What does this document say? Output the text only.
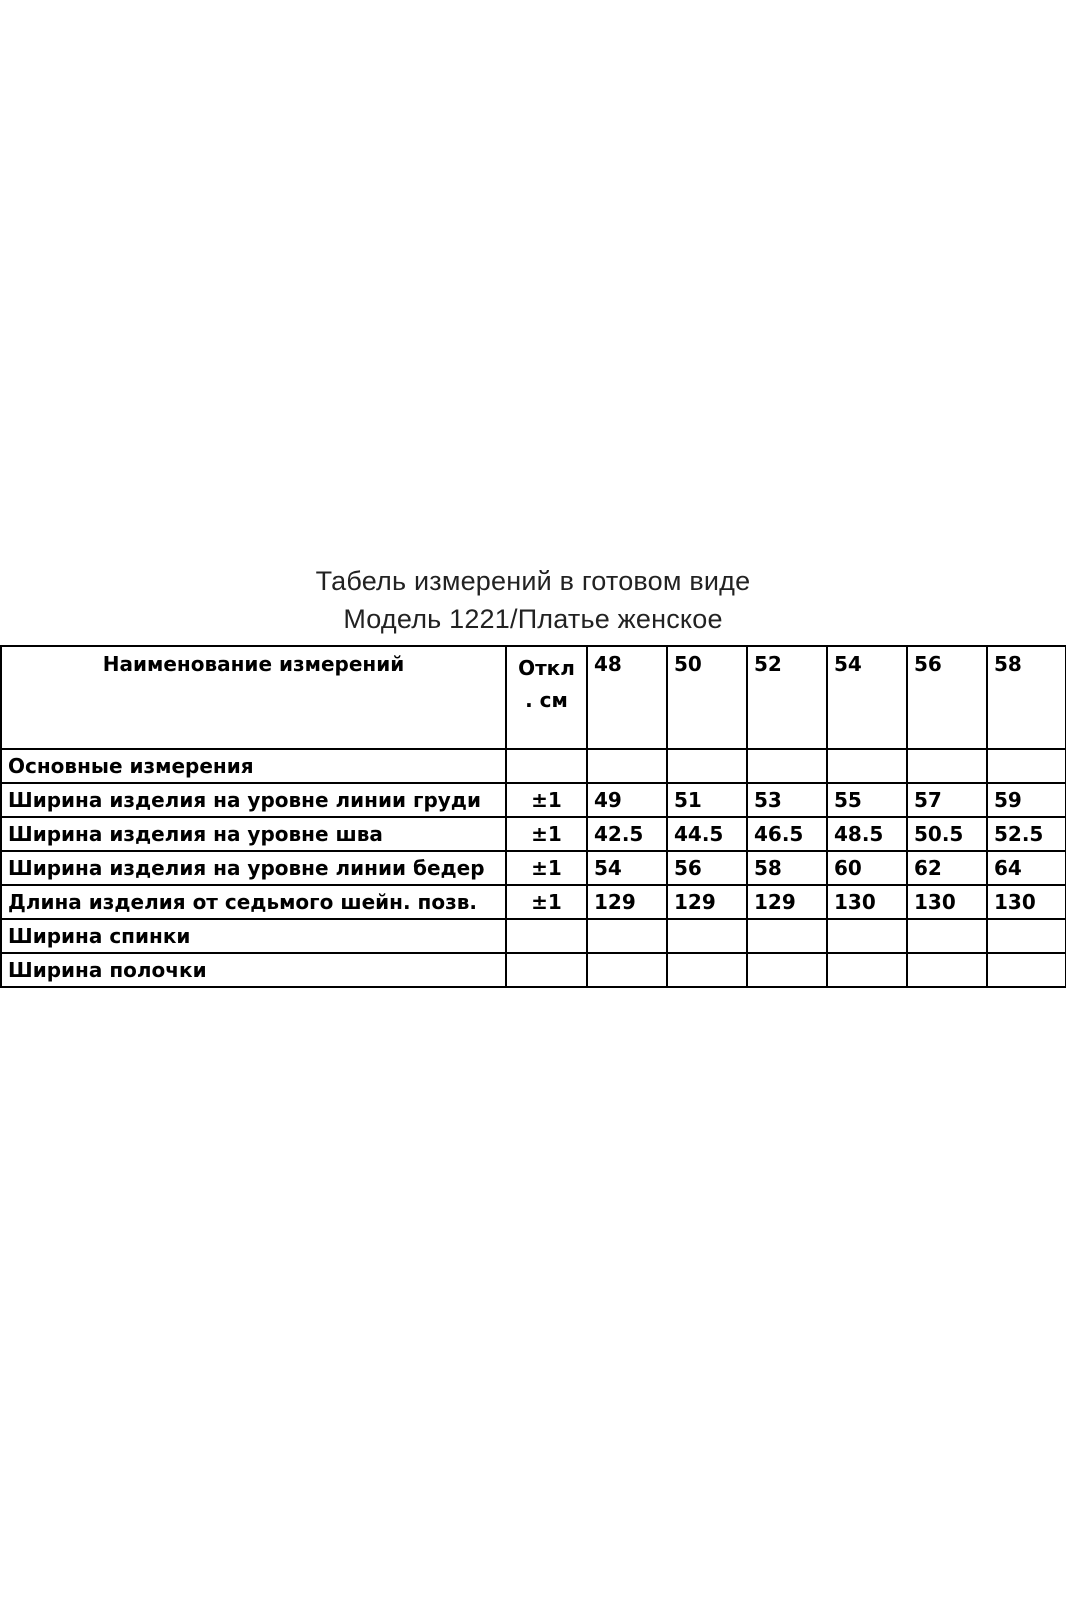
Табель измерений в готовом виде
Модель 1221/Платье женское
Наименование измерений	Откл . см	48	50	52	54	56	58
Основные измерения							
Ширина изделия на уровне линии груди	±1	49	51	53	55	57	59
Ширина изделия на уровне шва	±1	42.5	44.5	46.5	48.5	50.5	52.5
Ширина изделия на уровне линии бедер	±1	54	56	58	60	62	64
Длина изделия от седьмого шейн. позв.	±1	129	129	129	130	130	130
Ширина спинки							
Ширина полочки							
